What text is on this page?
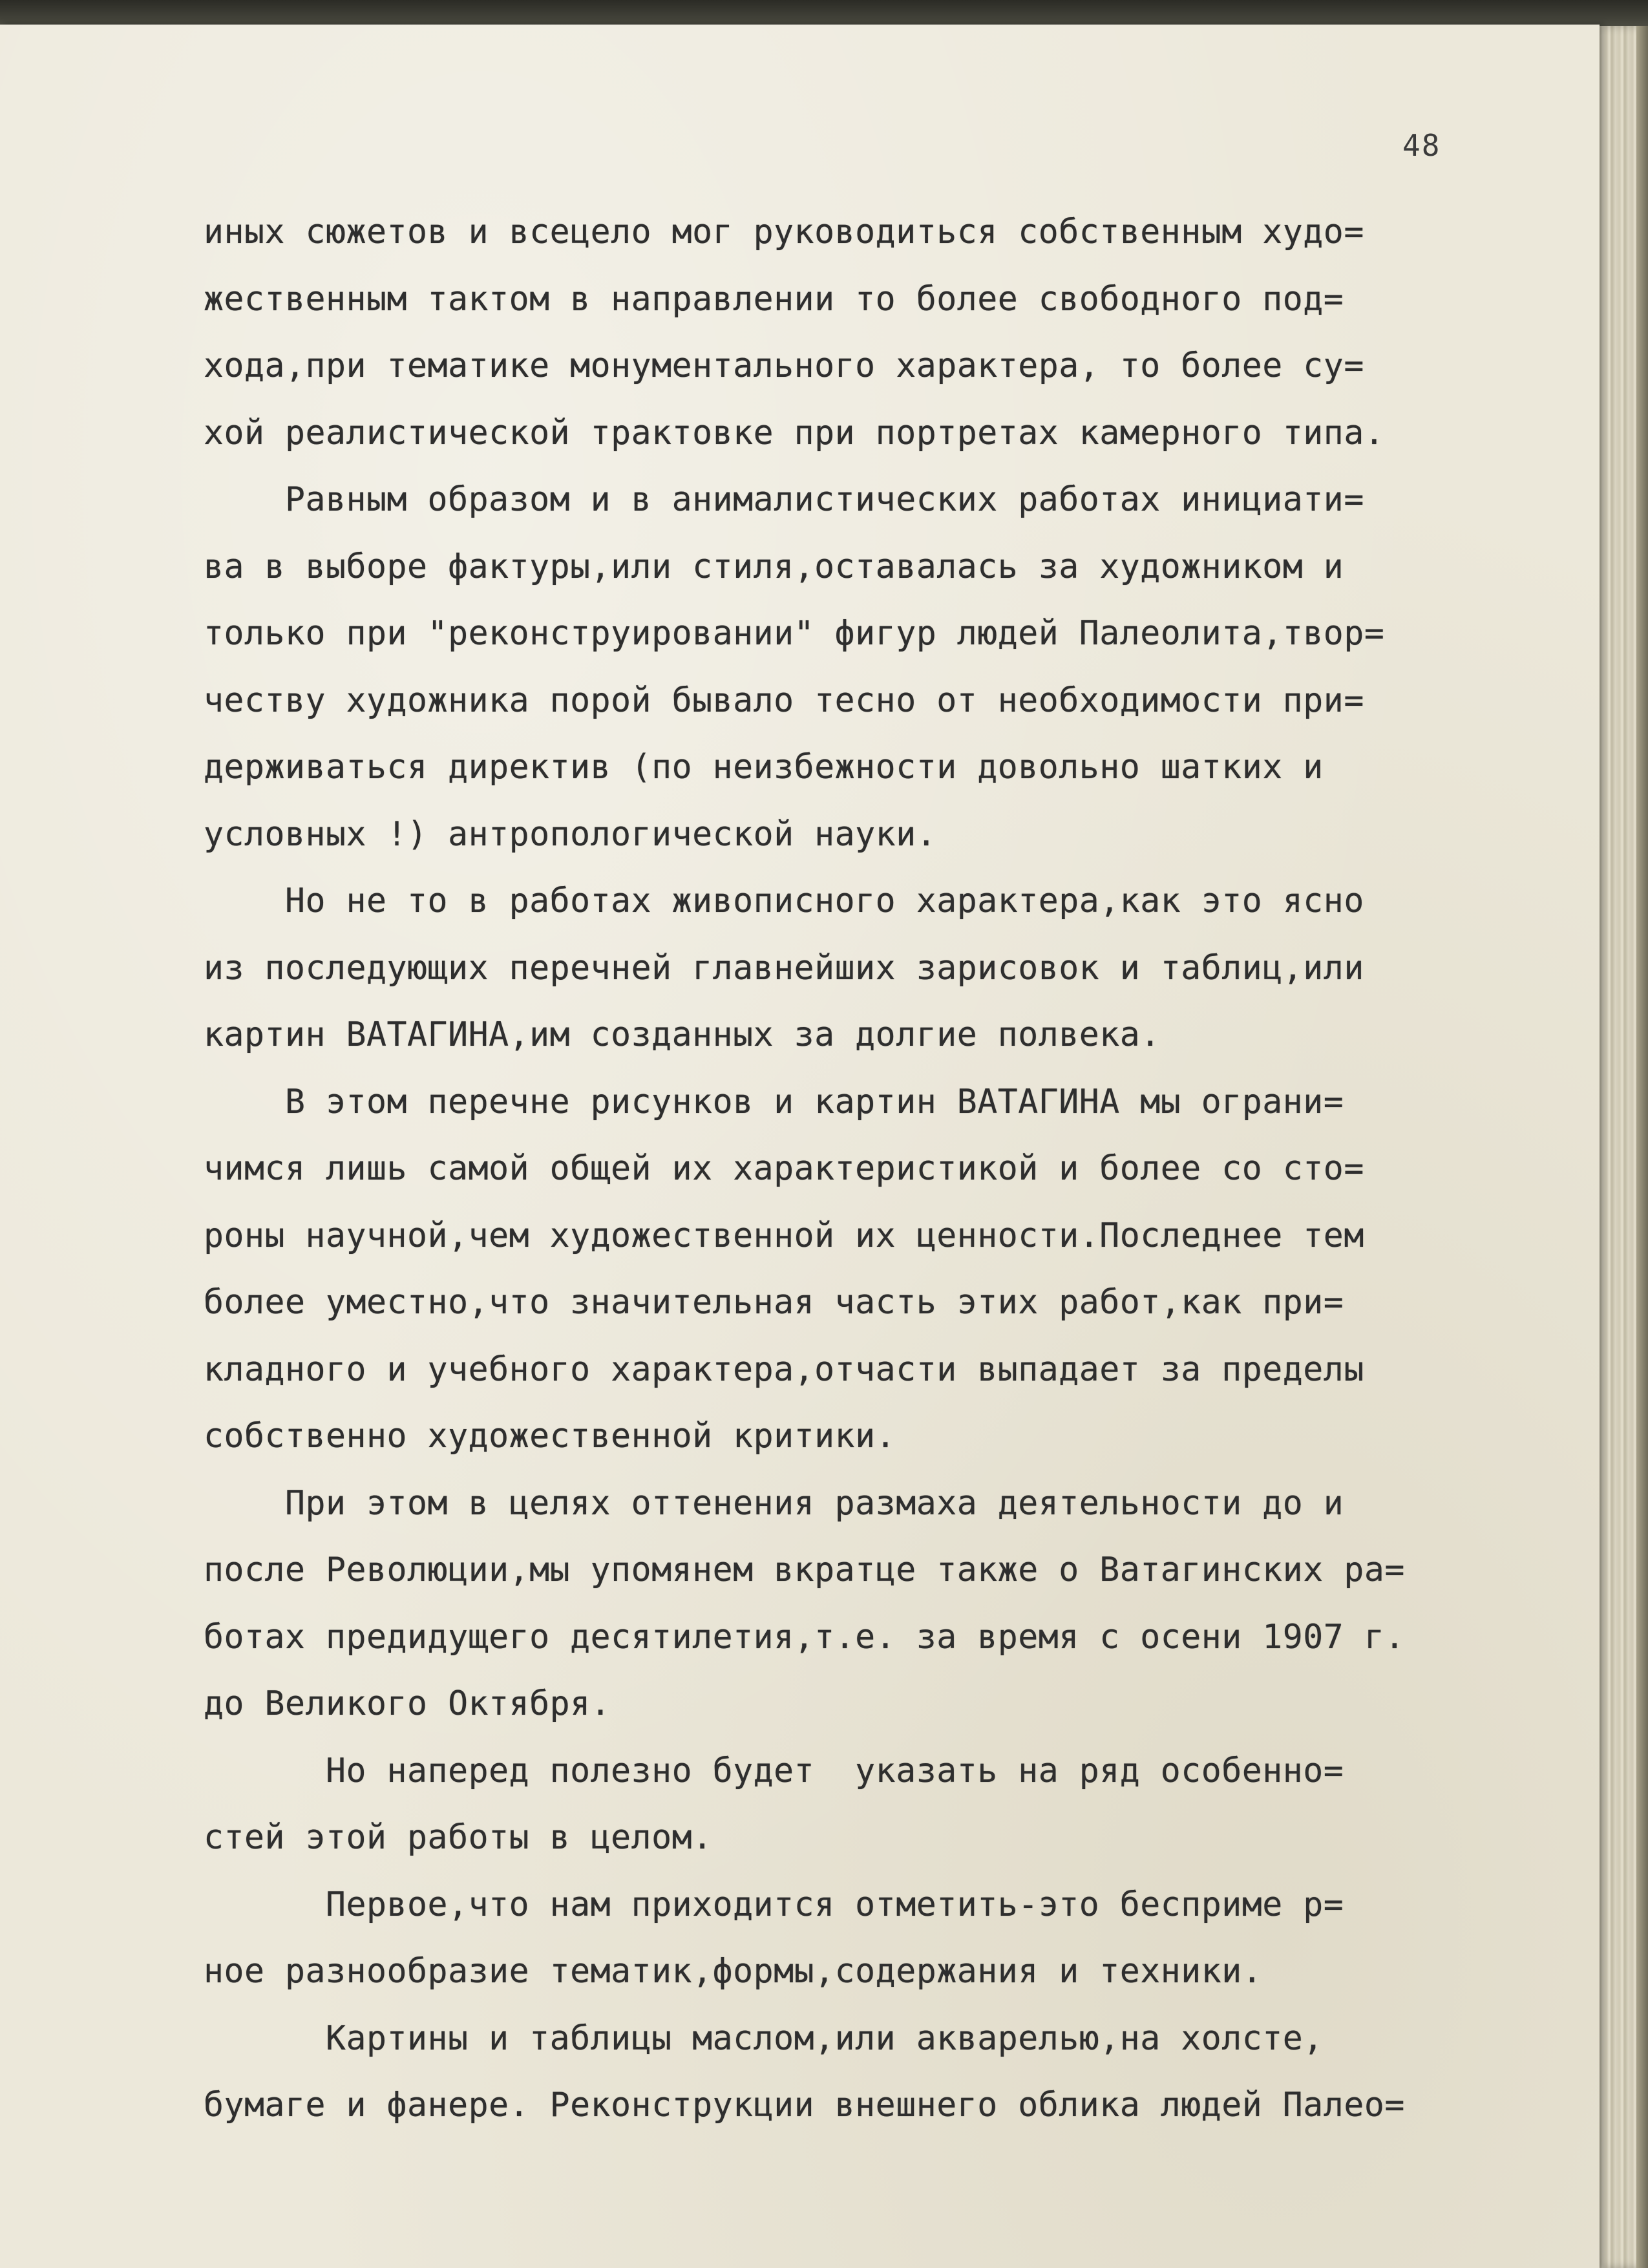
48
иных сюжетов и всецело мог руководиться собственным худо=
жественным тактом в направлении то более свободного под=
хода,при тематике монументального характера, то более су=
хой реалистической трактовке при портретах камерного типа.
Равным образом и в анималистических работах инициати=
ва в выборе фактуры,или стиля,оставалась за художником и
только при "реконструировании" фигур людей Палеолита,твор=
честву художника порой бывало тесно от необходимости при=
держиваться директив (по неизбежности довольно шатких и
условных !) антропологической науки.
Но не то в работах живописного характера,как это ясно
из последующих перечней главнейших зарисовок и таблиц,или
картин ВАТАГИНА,им созданных за долгие полвека.
В этом перечне рисунков и картин ВАТАГИНА мы ограни=
чимся лишь самой общей их характеристикой и более со сто=
роны научной,чем художественной их ценности.Последнее тем
более уместно,что значительная часть этих работ,как при=
кладного и учебного характера,отчасти выпадает за пределы
собственно художественной критики.
При этом в целях оттенения размаха деятельности до и
после Революции,мы упомянем вкратце также о Ватагинских ра=
ботах предидущего десятилетия,т.е. за время с осени 1907 г.
до Великого Октября.
Но наперед полезно будет  указать на ряд особенно=
стей этой работы в целом.
Первое,что нам приходится отметить-это бесприме р=
ное разнообразие тематик,формы,содержания и техники.
Картины и таблицы маслом,или акварелью,на холсте,
бумаге и фанере. Реконструкции внешнего облика людей Палео=
